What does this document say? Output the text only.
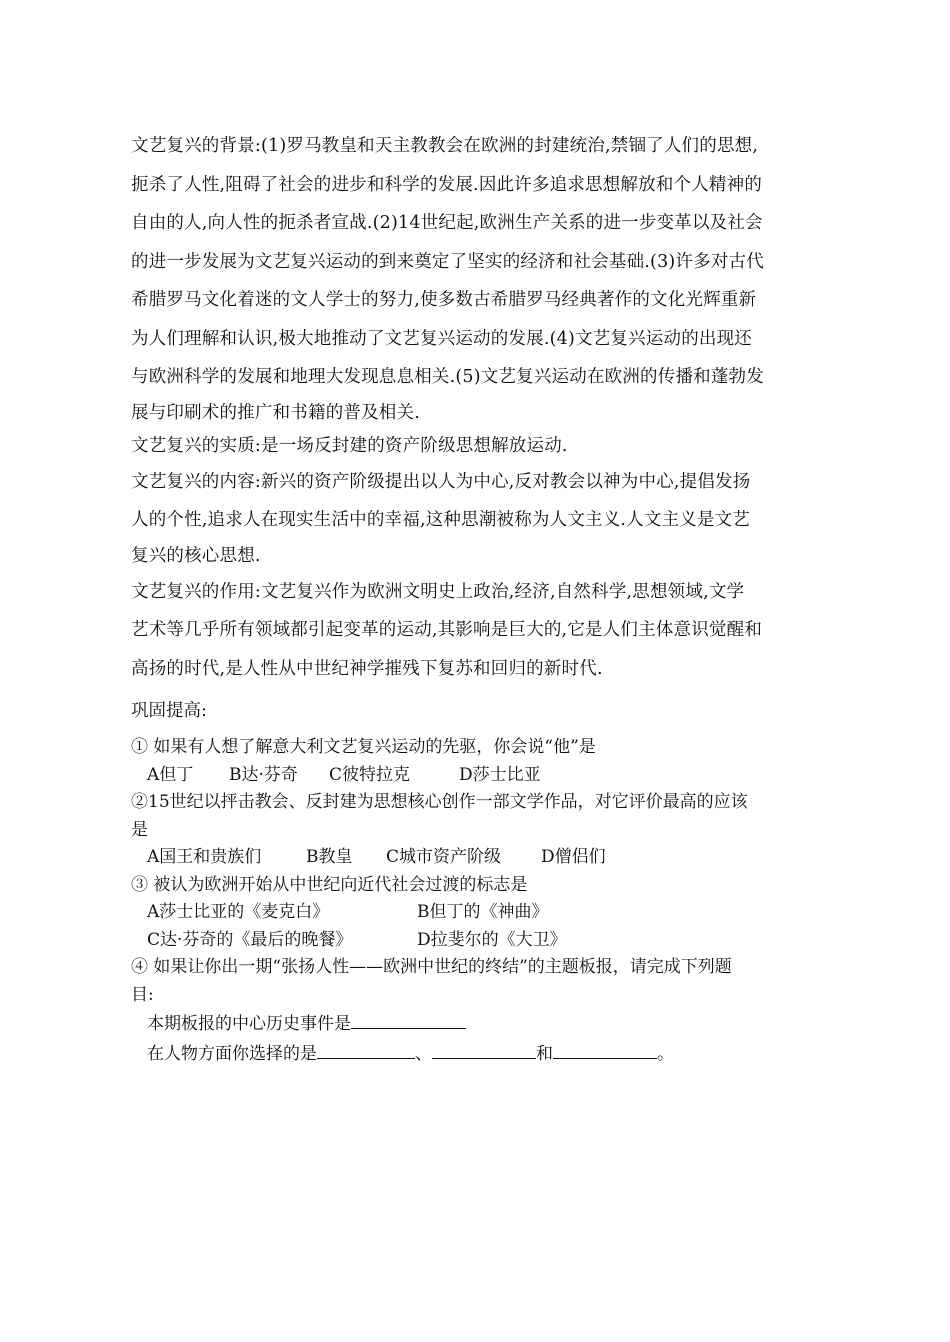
文艺复兴的背景:(1)罗马教皇和天主教教会在欧洲的封建统治,禁锢了人们的思想,

扼杀了人性,阻碍了社会的进步和科学的发展.因此许多追求思想解放和个人精神的

自由的人,向人性的扼杀者宣战.(2)14世纪起,欧洲生产关系的进一步变革以及社会

的进一步发展为文艺复兴运动的到来奠定了坚实的经济和社会基础.(3)许多对古代

希腊罗马文化着迷的文人学士的努力,使多数古希腊罗马经典著作的文化光辉重新

为人们理解和认识,极大地推动了文艺复兴运动的发展.(4)文艺复兴运动的出现还

与欧洲科学的发展和地理大发现息息相关.(5)文艺复兴运动在欧洲的传播和蓬勃发

展与印刷术的推广和书籍的普及相关.

文艺复兴的实质:是一场反封建的资产阶级思想解放运动.

文艺复兴的内容:新兴的资产阶级提出以人为中心,反对教会以神为中心,提倡发扬

人的个性,追求人在现实生活中的幸福,这种思潮被称为人文主义.人文主义是文艺

复兴的核心思想.

文艺复兴的作用:文艺复兴作为欧洲文明史上政治,经济,自然科学,思想领域,文学

艺术等几乎所有领域都引起变革的运动,其影响是巨大的,它是人们主体意识觉醒和

高扬的时代,是人性从中世纪神学摧残下复苏和回归的新时代.

巩固提高:

① 如果有人想了解意大利文艺复兴运动的先驱，你会说“他”是

A但丁 B达·芬奇 C彼特拉克	D莎士比亚

②15世纪以抨击教会、反封建为思想核心创作一部文学作品，对它评价最高的应该

是

A国王和贵族们	B教皇 C城市资产阶级 D僧侣们

③ 被认为欧洲开始从中世纪向近代社会过渡的标志是

A莎士比亚的《麦克白》	B但丁的《神曲》

C达·芬奇的《最后的晚餐》	D拉斐尔的《大卫》

④ 如果让你出一期“张扬人性——欧洲中世纪的终结”的主题板报，请完成下列题

目:

本期板报的中心历史事件是

在人物方面你选择的是	、	和	。
